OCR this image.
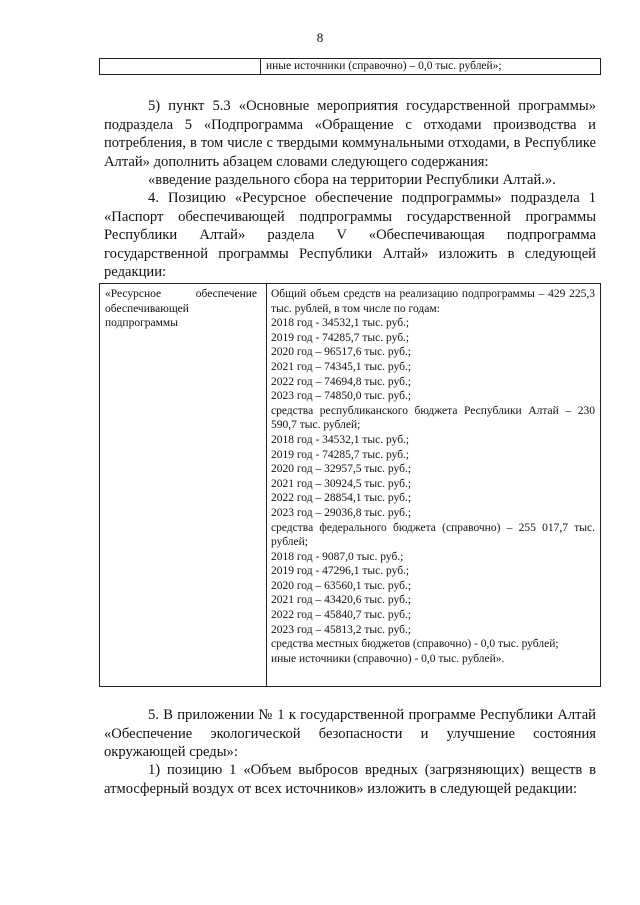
8
иные источники (справочно) – 0,0 тыс. рублей»;

5) пункт 5.3 «Основные мероприятия государственной программы» подраздела 5 «Подпрограмма «Обращение с отходами производства и потребления, в том числе с твердыми коммунальными отходами, в Республике Алтай» дополнить абзацем словами следующего содержания:

«введение раздельного сбора на территории Республики Алтай.».

4. Позицию «Ресурсное обеспечение подпрограммы» подраздела 1 «Паспорт обеспечивающей подпрограммы государственной программы Республики Алтай» раздела V «Обеспечивающая подпрограмма государственной программы Республики Алтай» изложить в следующей редакции:

«Ресурсное обеспечение
обеспечивающей
подпрограммы
Общий объем средств на реализацию подпрограммы – 429 225,3 тыс. рублей, в том числе по годам:
2018 год - 34532,1 тыс. руб.;
2019 год - 74285,7 тыс. руб.;
2020 год – 96517,6 тыс. руб.;
2021 год – 74345,1 тыс. руб.;
2022 год – 74694,8 тыс. руб.;
2023 год – 74850,0 тыс. руб.;
средства республиканского бюджета Республики Алтай – 230 590,7 тыс. рублей;
2018 год - 34532,1 тыс. руб.;
2019 год - 74285,7 тыс. руб.;
2020 год – 32957,5 тыс. руб.;
2021 год – 30924,5 тыс. руб.;
2022 год – 28854,1 тыс. руб.;
2023 год – 29036,8 тыс. руб.;
средства федерального бюджета (справочно) – 255 017,7 тыс. рублей;
2018 год - 9087,0 тыс. руб.;
2019 год - 47296,1 тыс. руб.;
2020 год – 63560,1 тыс. руб.;
2021 год – 43420,6 тыс. руб.;
2022 год – 45840,7 тыс. руб.;
2023 год – 45813,2 тыс. руб.;
средства местных бюджетов (справочно) - 0,0 тыс. рублей;
иные источники (справочно) - 0,0 тыс. рублей».

5. В приложении № 1 к государственной программе Республики Алтай «Обеспечение экологической безопасности и улучшение состояния окружающей среды»:

1) позицию 1 «Объем выбросов вредных (загрязняющих) веществ в атмосферный воздух от всех источников» изложить в следующей редакции:
